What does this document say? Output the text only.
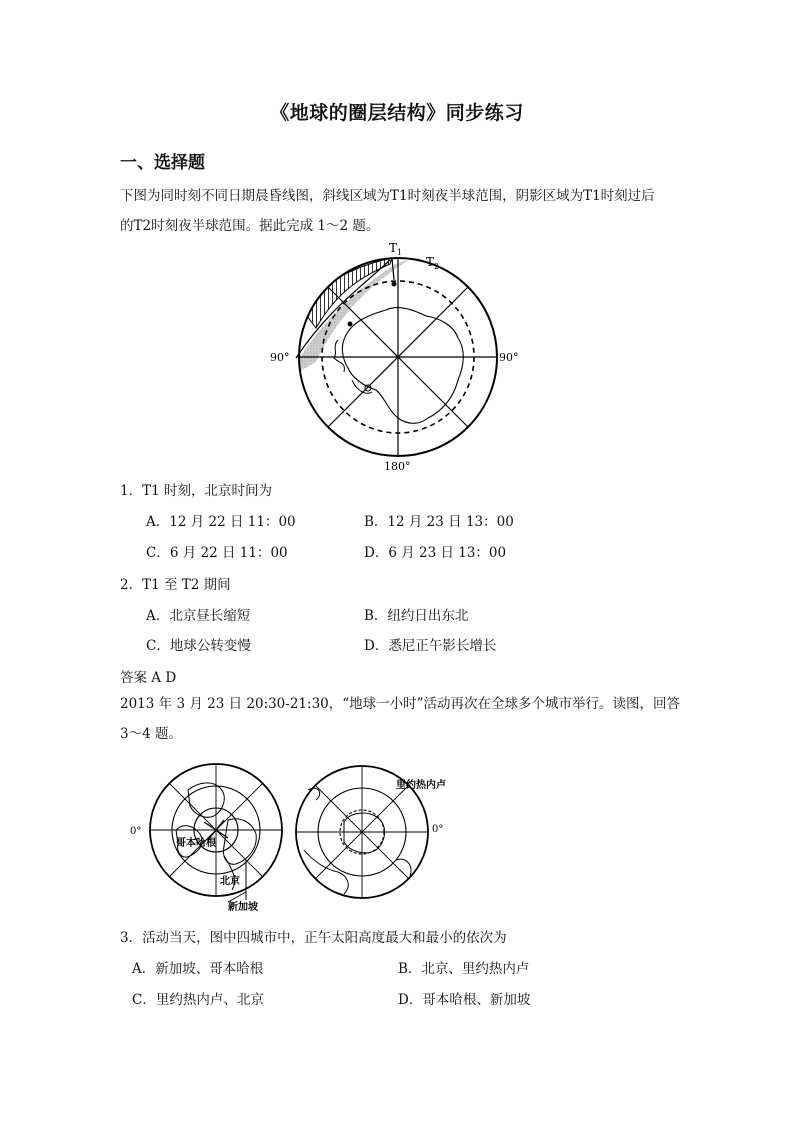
《地球的圈层结构》同步练习
一、选择题
下图为同时刻不同日期晨昏线图，斜线区域为T1时刻夜半球范围，阴影区域为T1时刻过后
的T2时刻夜半球范围。据此完成 1～2 题。
$T_1$
$T_2$
90°	90°
180°
1．T1 时刻，北京时间为
A．12 月 22 日 11：00	B．12 月 23 日 13：00
C．6 月 22 日 11：00	D．6 月 23 日 13：00
2．T1 至 T2 期间
A．北京昼长缩短	B．纽约日出东北
C．地球公转变慢	D．悉尼正午影长增长
答案 A D
2013 年 3 月 23 日 20:30-21:30，“地球一小时”活动再次在全球多个城市举行。读图，回答
3～4 题。
0°
哥本哈根
北京
新加坡
里约热内卢
0°
3．活动当天，图中四城市中，正午太阳高度最大和最小的依次为
A．新加坡、哥本哈根	B．北京、里约热内卢
C．里约热内卢、北京	D．哥本哈根、新加坡
